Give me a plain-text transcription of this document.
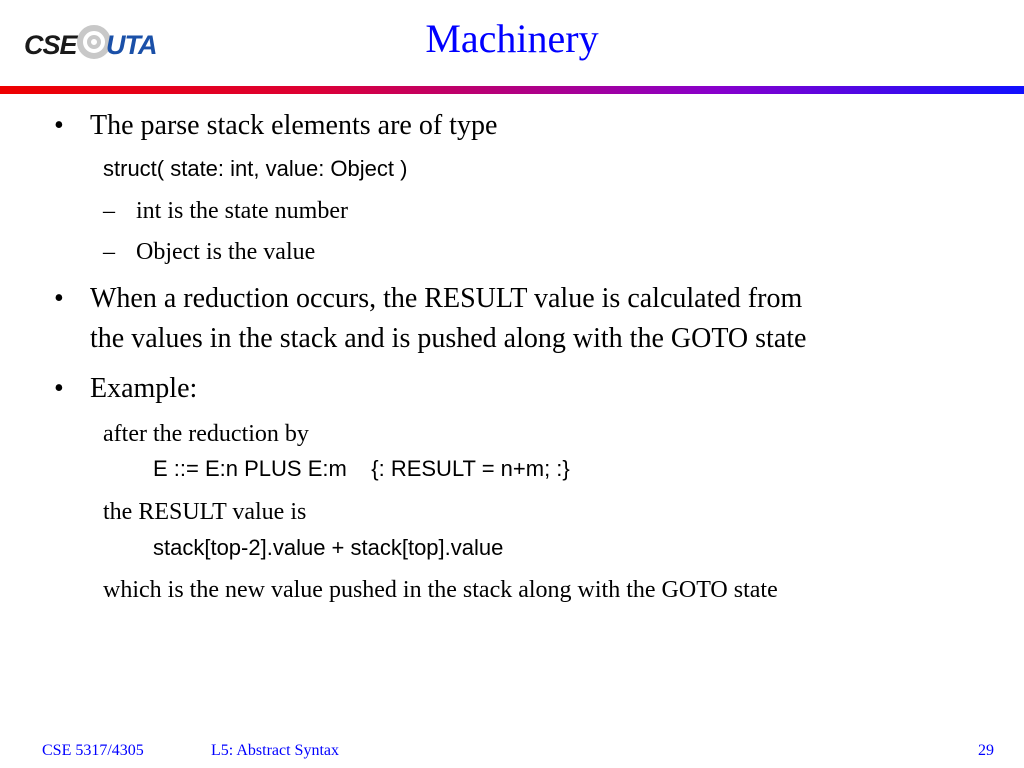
CSE UTA	Machinery
• The parse stack elements are of type
struct( state: int, value: Object )
– int is the state number
– Object is the value
• When a reduction occurs, the RESULT value is calculated from
the values in the stack and is pushed along with the GOTO state
• Example:
after the reduction by
E ::= E:n PLUS E:m    {: RESULT = n+m; :}
the RESULT value is
stack[top-2].value + stack[top].value
which is the new value pushed in the stack along with the GOTO state
CSE 5317/4305	L5: Abstract Syntax	29
